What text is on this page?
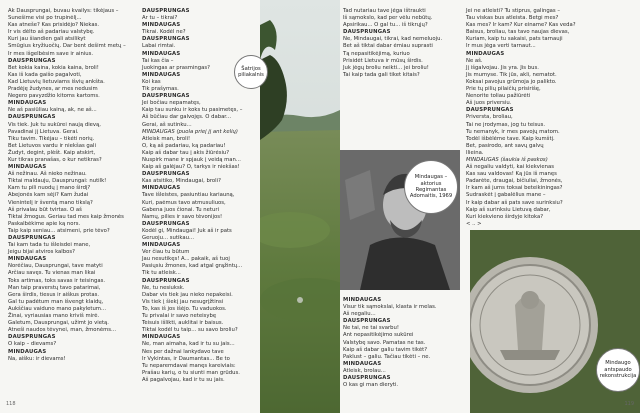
Ak Dausprungai, buvau kvailys: tikėjaus –
Sunešime visi po trupinėlį...
Kas atneše? Kas prisidėjo? Niekas.
Ir vis dėlto aš padariau valstybę.
Kuri jau šiandien gali atsilikyt
Smūgius kryžiuočių. Dar bent dešimt metų –
Ir mes išgelbėsim save ir ainius.
DAUSPRUNGAS
Bet kokia kaina, kokia kaina, broli!
Kas iš kada gaišo pagalvoti,
Kad Lietuvių lietuviams išvių ankšta.
Pradėję žudynes, ar mes nedusim
Negero pavyzdžio kitoms kartoms.
MINDAUGAS
Ne aš pasiūliau kainą, ak, ne aš...
DAUSPRUNGAS
Vis tiek. Juk tu sukūrei naują dievą,
Pavadinai jį Lietuva. Gerai.
Tiku tavim. Tikėjau – tikėti norių.
Bet Lietuvos vardu ir niekšas gali
Žudyt, degint, plėšt. Kaip atskirt,
Kur tikras pranašas, o kur netikras?
MINDAUGAS
Aš nežinau. Aš nieko nežinau.
Tiktai maldauju, Dausprungai: nutilk!
Kam tu pili nuodų į mano širdį?
Abejonės kam sėji? Kam žudai
Vienintelį ir šventą mano tikslą?
Aš privalau būt tvirtas. O aš
Tiktai žmogus. Geriau tad mes kaip žmonės
Paskalbėkime apie ką nors.
Taip kaip seniau... atsimeni, prie tėvo?
DAUSPRUNGAS
Tai kam tada tu išleisdei mane,
Jeigu bijai atviros kalbos?
MINDAUGAS
Norėčiau, Dausprungai, tave matyti
Arčiau savęs. Tu vienas man likai
Toks artimas, toks savas ir teisingas.
Man taip praverstų tavo patarimai,
Gera širdis, tiesus ir aiškus protas.
Gal tu padėtum man išvengt klaidų,
Aukščiau vaiduno mano pakyletum...
Žinai, vyriausias mano kriviš mirė.
Galetum, Dausprungai, užimt jo vietą.
Atneši naudos tėvynei, man, žmonėms...
DAUSPRUNGAS
O kaip – dievams?
MINDAUGAS
Na, aišku: ir dievams!
DAUSPRUNGAS
Ar tu – tikrai?
MINDAUGAS
Tikrai. Kodėl ne?
DAUSPRUNGAS
Labai rimtai.
MINDAUGAS
Tai kas čia –
Juokingas ar prasmingas?
MINDAUGAS
Koi kas
Tik prašymas.
DAUSPRUNGAS
Jei bočiau nepamatęs,
Kaip tau sunku ir koks tu pasimetęs, –
Aš būčiau dar galvojęs. O dabar...
Gerai, aš sutinku...
MINDAUGAS (puola prieį jį ant kelių)
Atleisk man, broli!
O, ką aš padariau, ką padariau!
Kaip aš dabar tau į akis žiūrėsiu?
Nuspirk mane ir spjauk į veidą man...
Kaip aš galėjau? O, tarkys ir niekšas!
DAUSPRUNGAS
Kas atsitiko, Mindaugai, broli?
MINDAUGAS
Tave išleistes, pasiuntiau kariauną,
Kuri, paėmus tavo atmusuliuos,
Gabena juos čionai. Tu neturi
Namų, pilies ir savo tėvonijos!
DAUSPRUNGAS
Kodėl gi, Mindaugai! Juk aš ir pats
Geruoju... sutikau...
MINDAUGAS
Ver čiau tu būtum
Jau nesutikęs! A... pakaik, aš tuoj
Pasiųsiu žmones, kad atgal grąžintų...
Tik tu atleisk...
DAUSPRUNGAS
Ne, tu nesiuksk.
Dabar vis tiek jau nieko nepakeisi.
Vis tiek į šiekį jau nesugrįžtinsi
To, kas iš jos išėjo. Tu vaduokos.
Tu privalai ir savo neteisybę
Teisuis išlikti, auklitai ir baisus.
Tiktai kodėl tu taip... su savo broliu?
MINDAUGAS
Ne, man aimaha, kad ir tu su jais...
Nes per dažnai lankydavo tave
Ir Vykintas, ir Daumantas... Be to
Tu neparemdavai manęs kareiviais:
Prašau karių, o tu siunti man grūdus.
Aš pagalvojau, kad ir tu su jais.
Tad nutariau tave jėga ištraukti
Iš sąmokslo, kad per vėlu nebūtų.
Apsirikau... O gal tu... iš tikrųjų?
DAUSPRUNGAS
Ne, Mindaugai, tikrai, kad nemeluoju.
Bet aš tiktai dabar ėmiau suprasti
Tą nepasitikėjimą, kuriuo
Prisidėt Lietuva ir mūsų širdis.
Juk jėgų broliu neikti... jei broliu!
Tai kaip tada gali tiket kitais?
MINDAUGAS
Visur tik sąmokslai, klasta ir melas.
Aš negaliu...
DAUSPRUNGAS
Ne tai, ne tai svarbu!
Ant nepasitikėjimo sukūrei
Valstybę savo. Pamatas ne tas.
Kaip aš dabar galiu tavim tikėt?
Paklust – galiu. Tačiau tikėti – ne.
MINDAUGAS
Atleisk, brolau...
DAUSPRUNGAS
O kas gi man dieryti.
Jei ne atleisti? Tu stiprus, galingas –
Tau viskas bus atleista. Betgi mes?
Kas mes? Ir kam? Kur einame? Kas veda?
Baisus, broliau, tas tavo naujas dievas,
Kuriam, kaip tu sakaisi, pats tarnauji
Ir mus jėga verti tarnaut...
MINDAUGAS
Ne aš.
Jį išgalvojau. Jis yra. Jis bus.
Jis mumyse. Tik jūs, akli, nematot.
Koksai pavojus grūmoja jo palikto.
Prie tų pilių pilaičių prisirišę,
Nenorite toliau pažiūrėti
Aš juos priversiu.
DAUSPRUNGAS
Priversta, broliau,
Tai ne jrodymas, jog tu teisus.
Tu nemanyk, ir mes pavojų matom.
Todėl išbėlėme tave. Kaip kumštį.
Bet, pasirodo, ant savų galvų
Ilieina.
MINDAUGAS (šaukia iš paskos)
Aš negaliu valdyti, kai kiekvienas
Kas sau valdovas! Ką jūs iš manęs
Padarėte, draugai, bičiuliai, žmonės,
Ir kam aš jums toksai beteikiningas?
Sudraskėt į gabalėlius mane –
Ir kaip dabar aš pats save surinksiu?
Kaip aš surinksiu Lietuvą dabar,
Kuri kiekvieno širdyje kitoka?
< .. >
Šatrijos piliakalnis
Mindaugas – aktorius Regimantas Adomaitis, 1969
Mindaugo antspaudo rekonstrukcija
118	119
